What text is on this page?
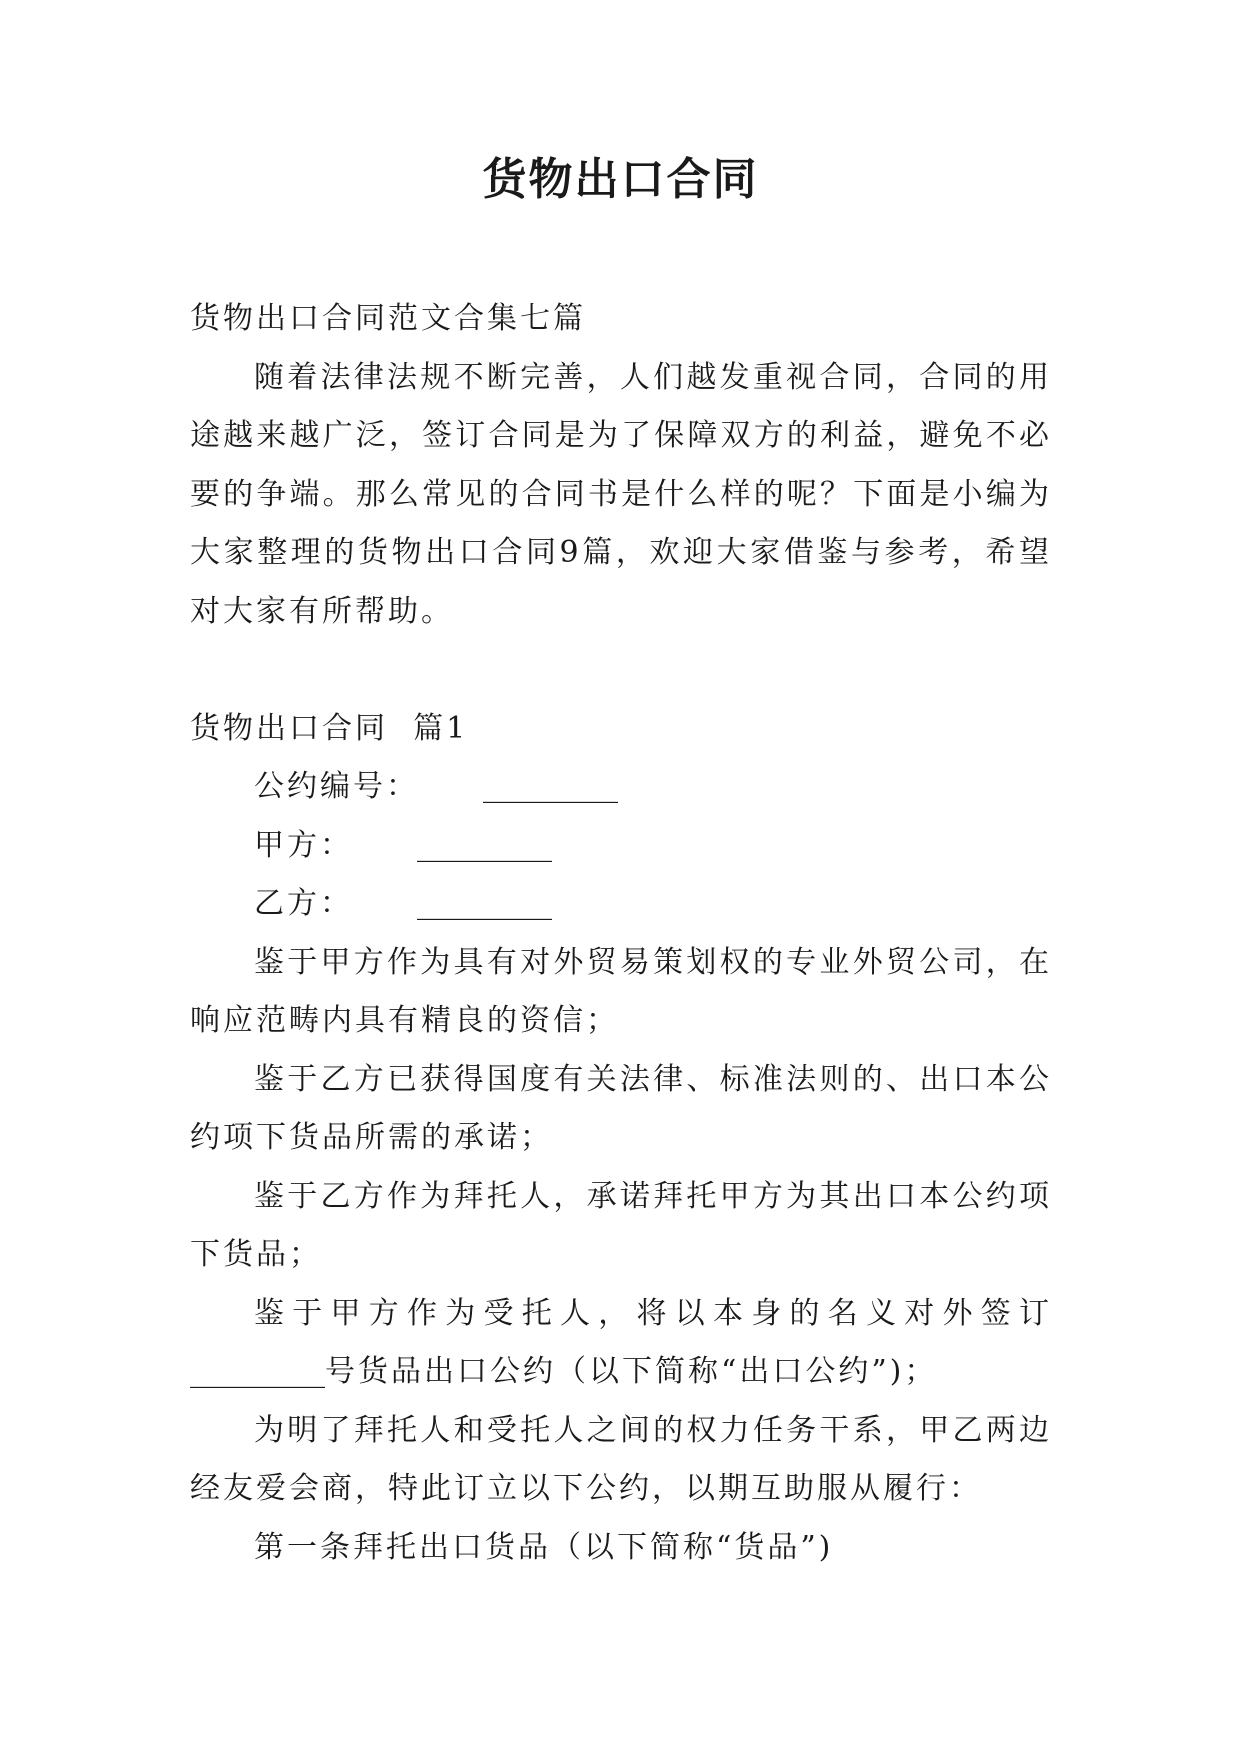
货物出口合同

货物出口合同范文合集七篇

随着法律法规不断完善，人们越发重视合同，合同的用途越来越广泛，签订合同是为了保障双方的利益，避免不必要的争端。那么常见的合同书是什么样的呢？下面是小编为大家整理的货物出口合同9篇，欢迎大家借鉴与参考，希望对大家有所帮助。

货物出口合同  篇1

公约编号： _________

甲方： _________

乙方： _________

鉴于甲方作为具有对外贸易策划权的专业外贸公司，在响应范畴内具有精良的资信；

鉴于乙方已获得国度有关法律、标准法则的、出口本公约项下货品所需的承诺；

鉴于乙方作为拜托人，承诺拜托甲方为其出口本公约项下货品；

鉴于甲方作为受托人，将以本身的名义对外签订

_________号货品出口公约（以下简称“出口公约”)；

为明了拜托人和受托人之间的权力任务干系，甲乙两边经友爱会商，特此订立以下公约，以期互助服从履行：

第一条拜托出口货品（以下简称“货品”)
